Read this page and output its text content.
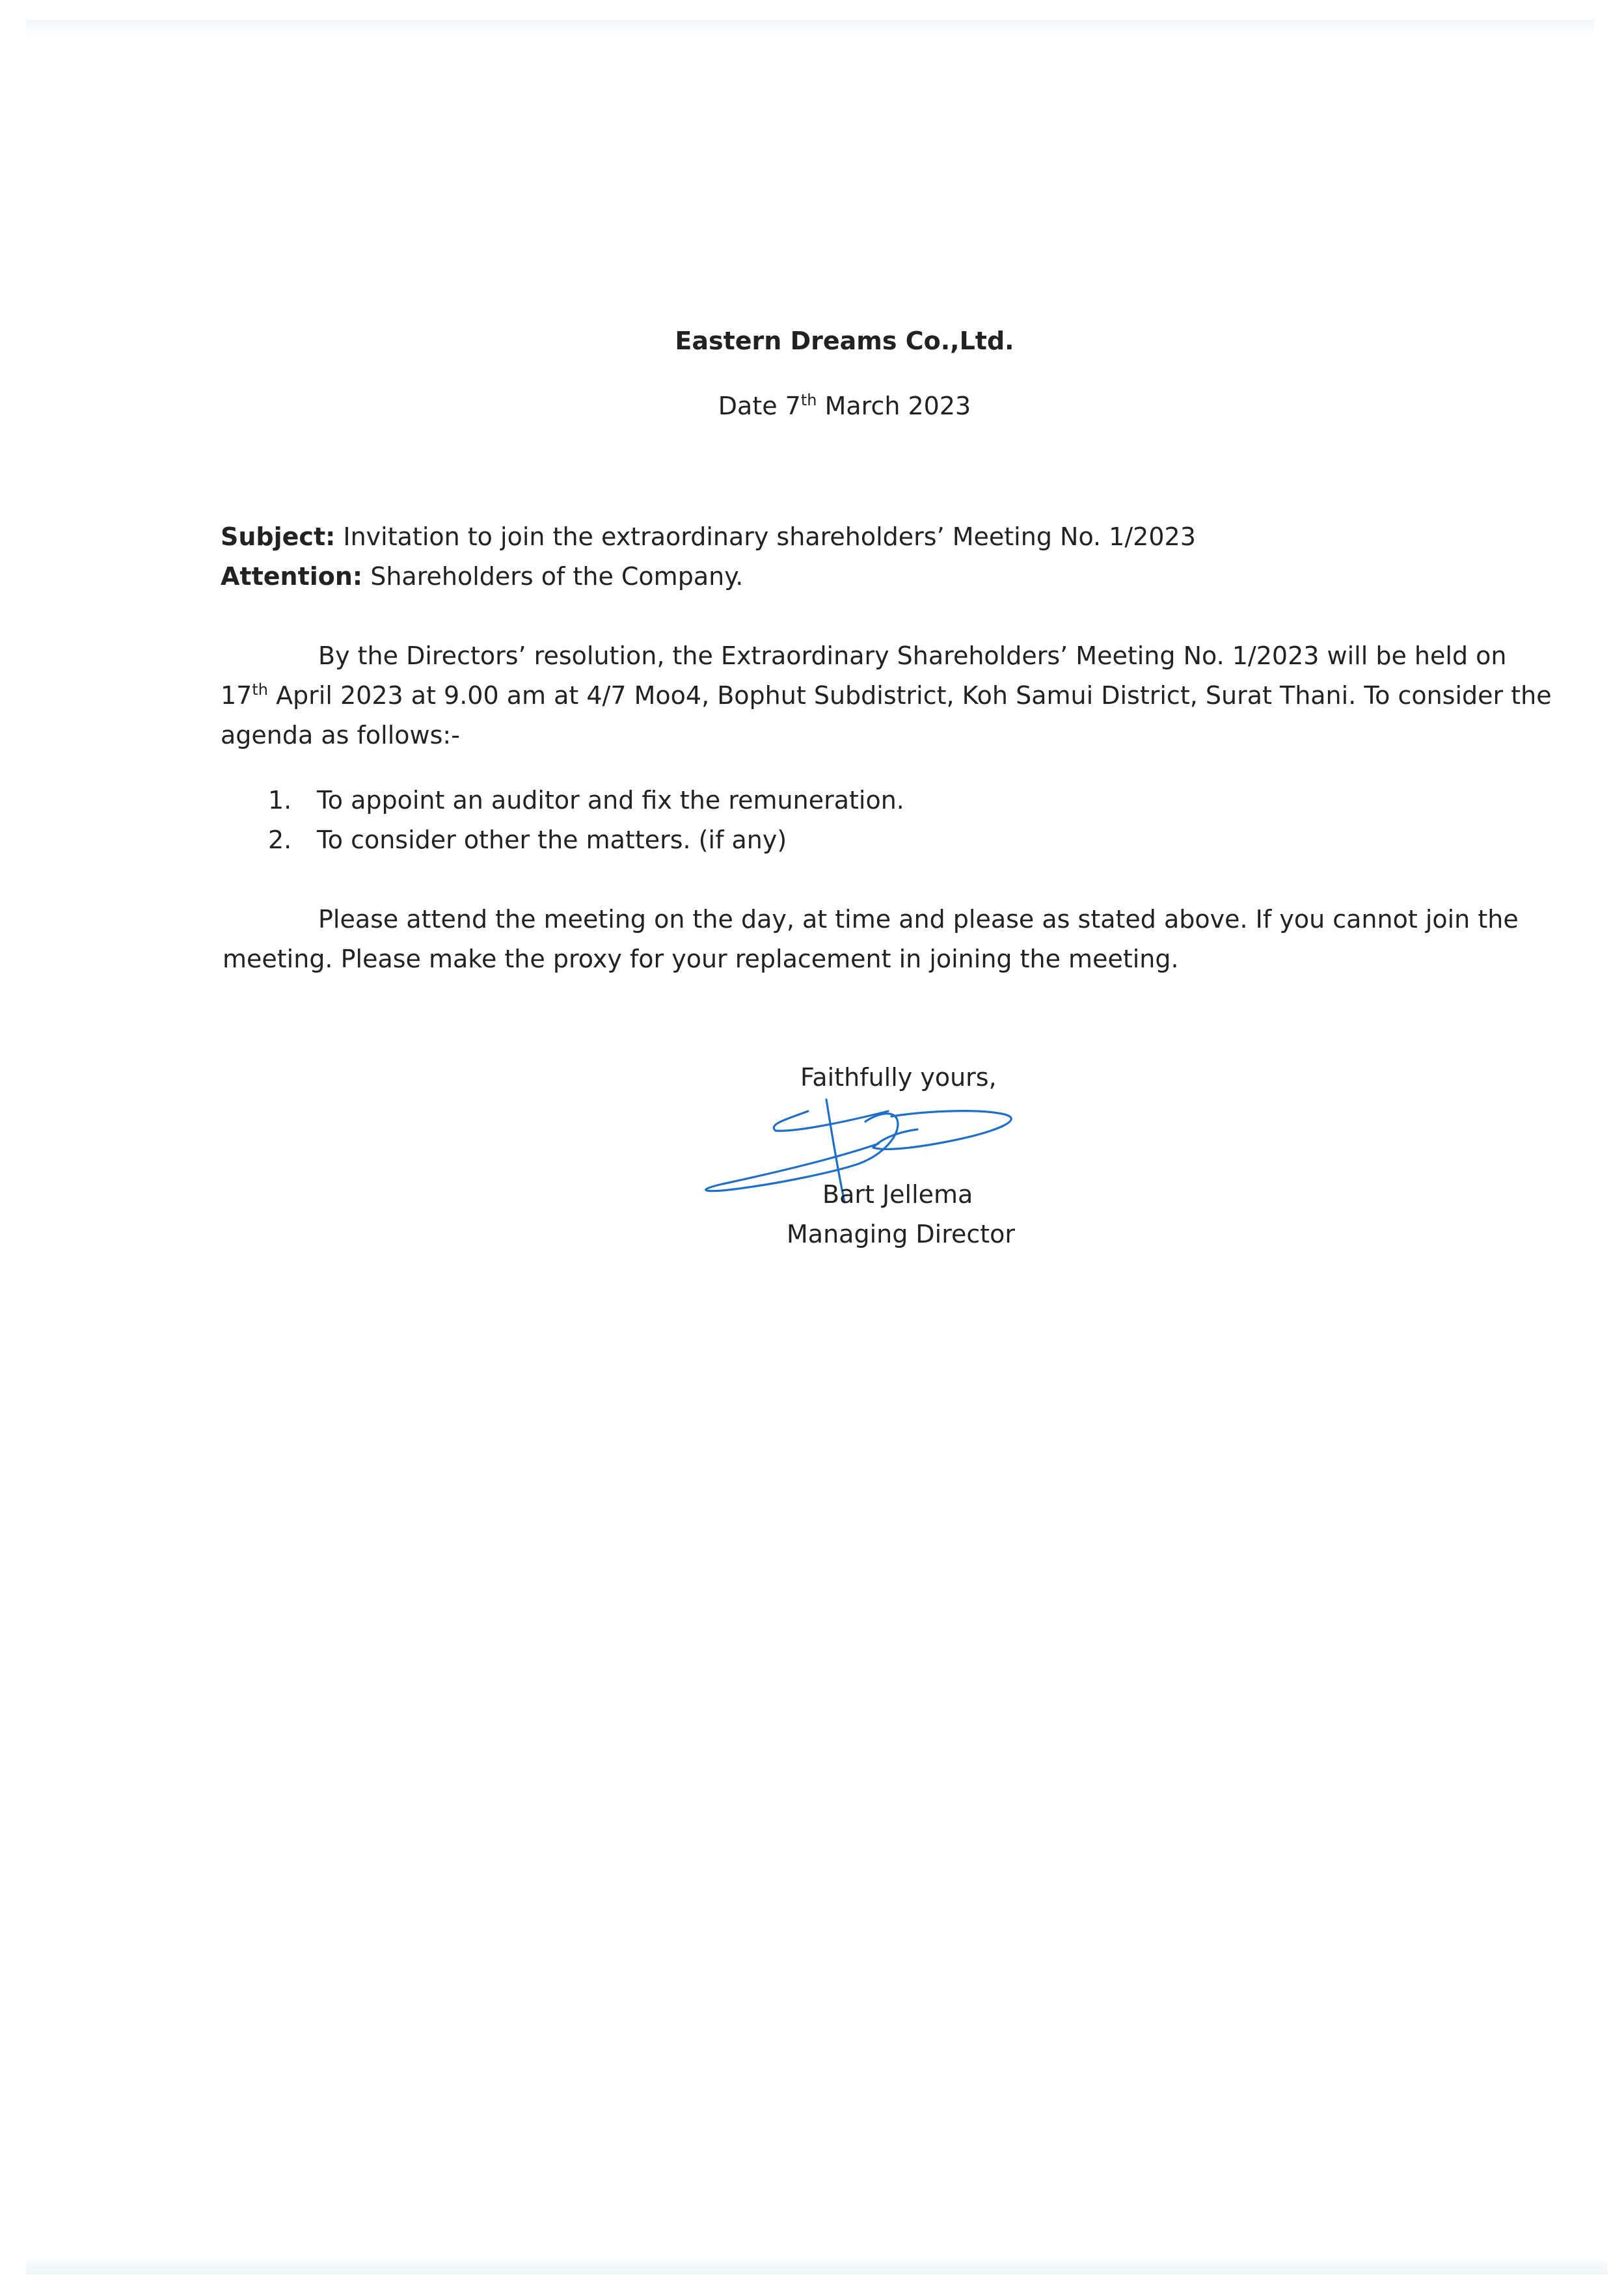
Eastern Dreams Co.,Ltd.
Date 7th March 2023
Subject: Invitation to join the extraordinary shareholders’ Meeting No. 1/2023
Attention: Shareholders of the Company.
By the Directors’ resolution, the Extraordinary Shareholders’ Meeting No. 1/2023 will be held on
17th April 2023 at 9.00 am at 4/7 Moo4, Bophut Subdistrict, Koh Samui District, Surat Thani. To consider the
agenda as follows:-
1. To appoint an auditor and fix the remuneration.
2. To consider other the matters. (if any)
Please attend the meeting on the day, at time and please as stated above. If you cannot join the
meeting. Please make the proxy for your replacement in joining the meeting.
Faithfully yours,
Bart Jellema
Managing Director
